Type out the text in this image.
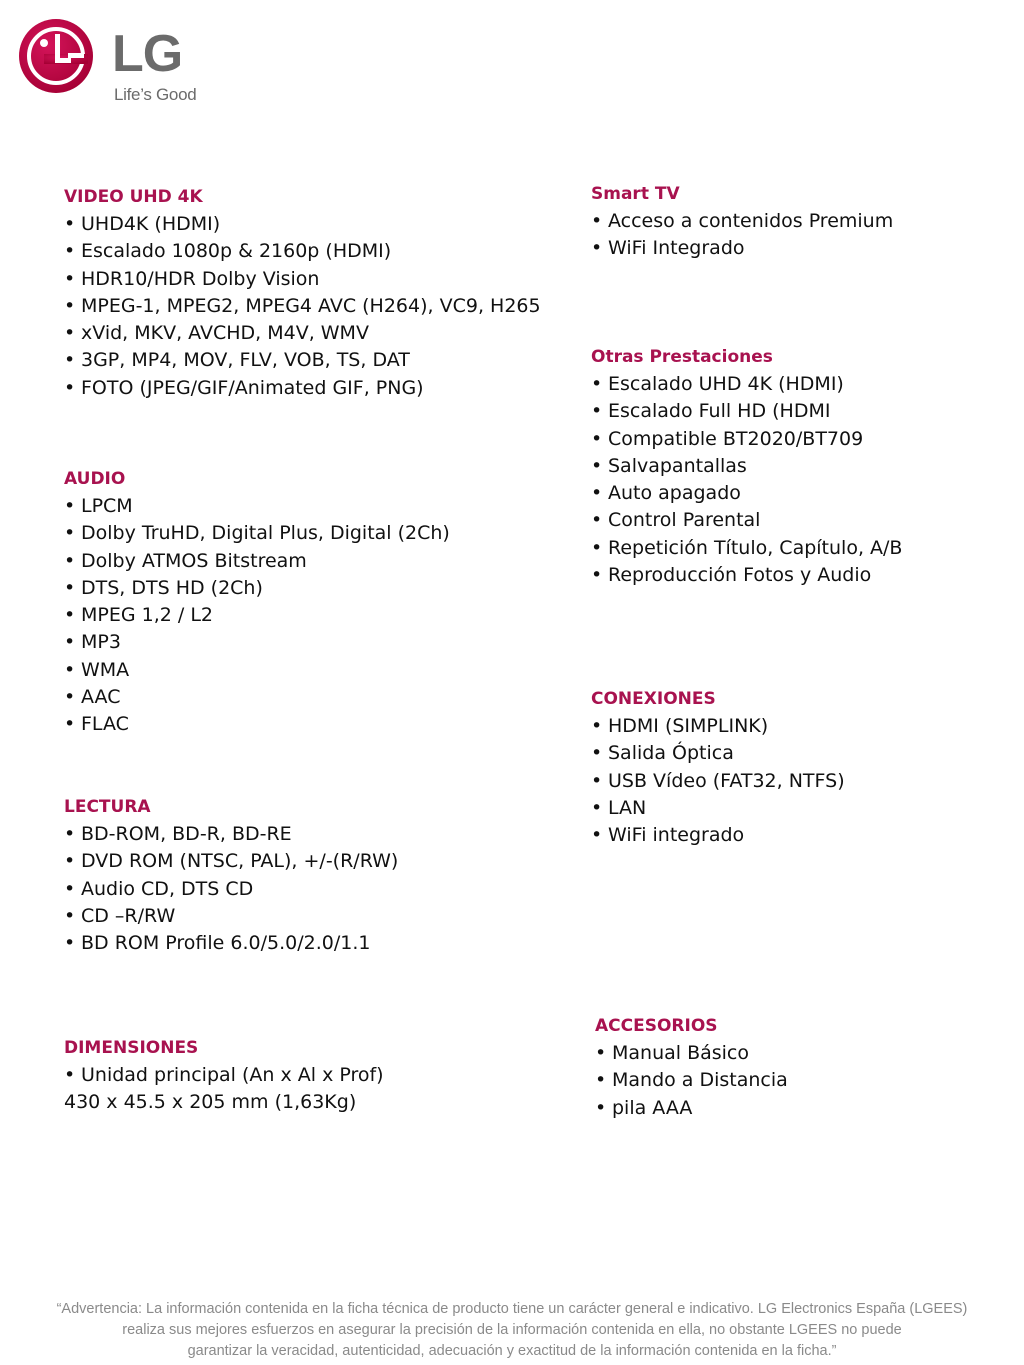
LG
Life’s Good
VIDEO UHD 4K
• UHD4K (HDMI)
• Escalado 1080p & 2160p (HDMI)
• HDR10/HDR Dolby Vision
• MPEG-1, MPEG2, MPEG4 AVC (H264), VC9, H265
• xVid, MKV, AVCHD, M4V, WMV
• 3GP, MP4, MOV, FLV, VOB, TS, DAT
• FOTO (JPEG/GIF/Animated GIF, PNG)
AUDIO
• LPCM
• Dolby TruHD, Digital Plus, Digital (2Ch)
• Dolby ATMOS Bitstream
• DTS, DTS HD (2Ch)
• MPEG 1,2 / L2
• MP3
• WMA
• AAC
• FLAC
LECTURA
• BD-ROM, BD-R, BD-RE
• DVD ROM (NTSC, PAL), +/-(R/RW)
• Audio CD, DTS CD
• CD –R/RW
• BD ROM Profile 6.0/5.0/2.0/1.1
DIMENSIONES
• Unidad principal (An x Al x Prof)
430 x 45.5 x 205 mm (1,63Kg)
Smart TV
• Acceso a contenidos Premium
• WiFi Integrado
Otras Prestaciones
• Escalado UHD 4K (HDMI)
• Escalado Full HD (HDMI
• Compatible BT2020/BT709
• Salvapantallas
• Auto apagado
• Control Parental
• Repetición Título, Capítulo, A/B
• Reproducción Fotos y Audio
CONEXIONES
• HDMI (SIMPLINK)
• Salida Óptica
• USB Vídeo (FAT32, NTFS)
• LAN
• WiFi integrado
ACCESORIOS
• Manual Básico
• Mando a Distancia
• pila AAA
“Advertencia: La información contenida en la ficha técnica de producto tiene un carácter general e indicativo. LG Electronics España (LGEES)
realiza sus mejores esfuerzos en asegurar la precisión de la información contenida en ella, no obstante LGEES no puede
garantizar la veracidad, autenticidad, adecuación y exactitud de la información contenida en la ficha.”
